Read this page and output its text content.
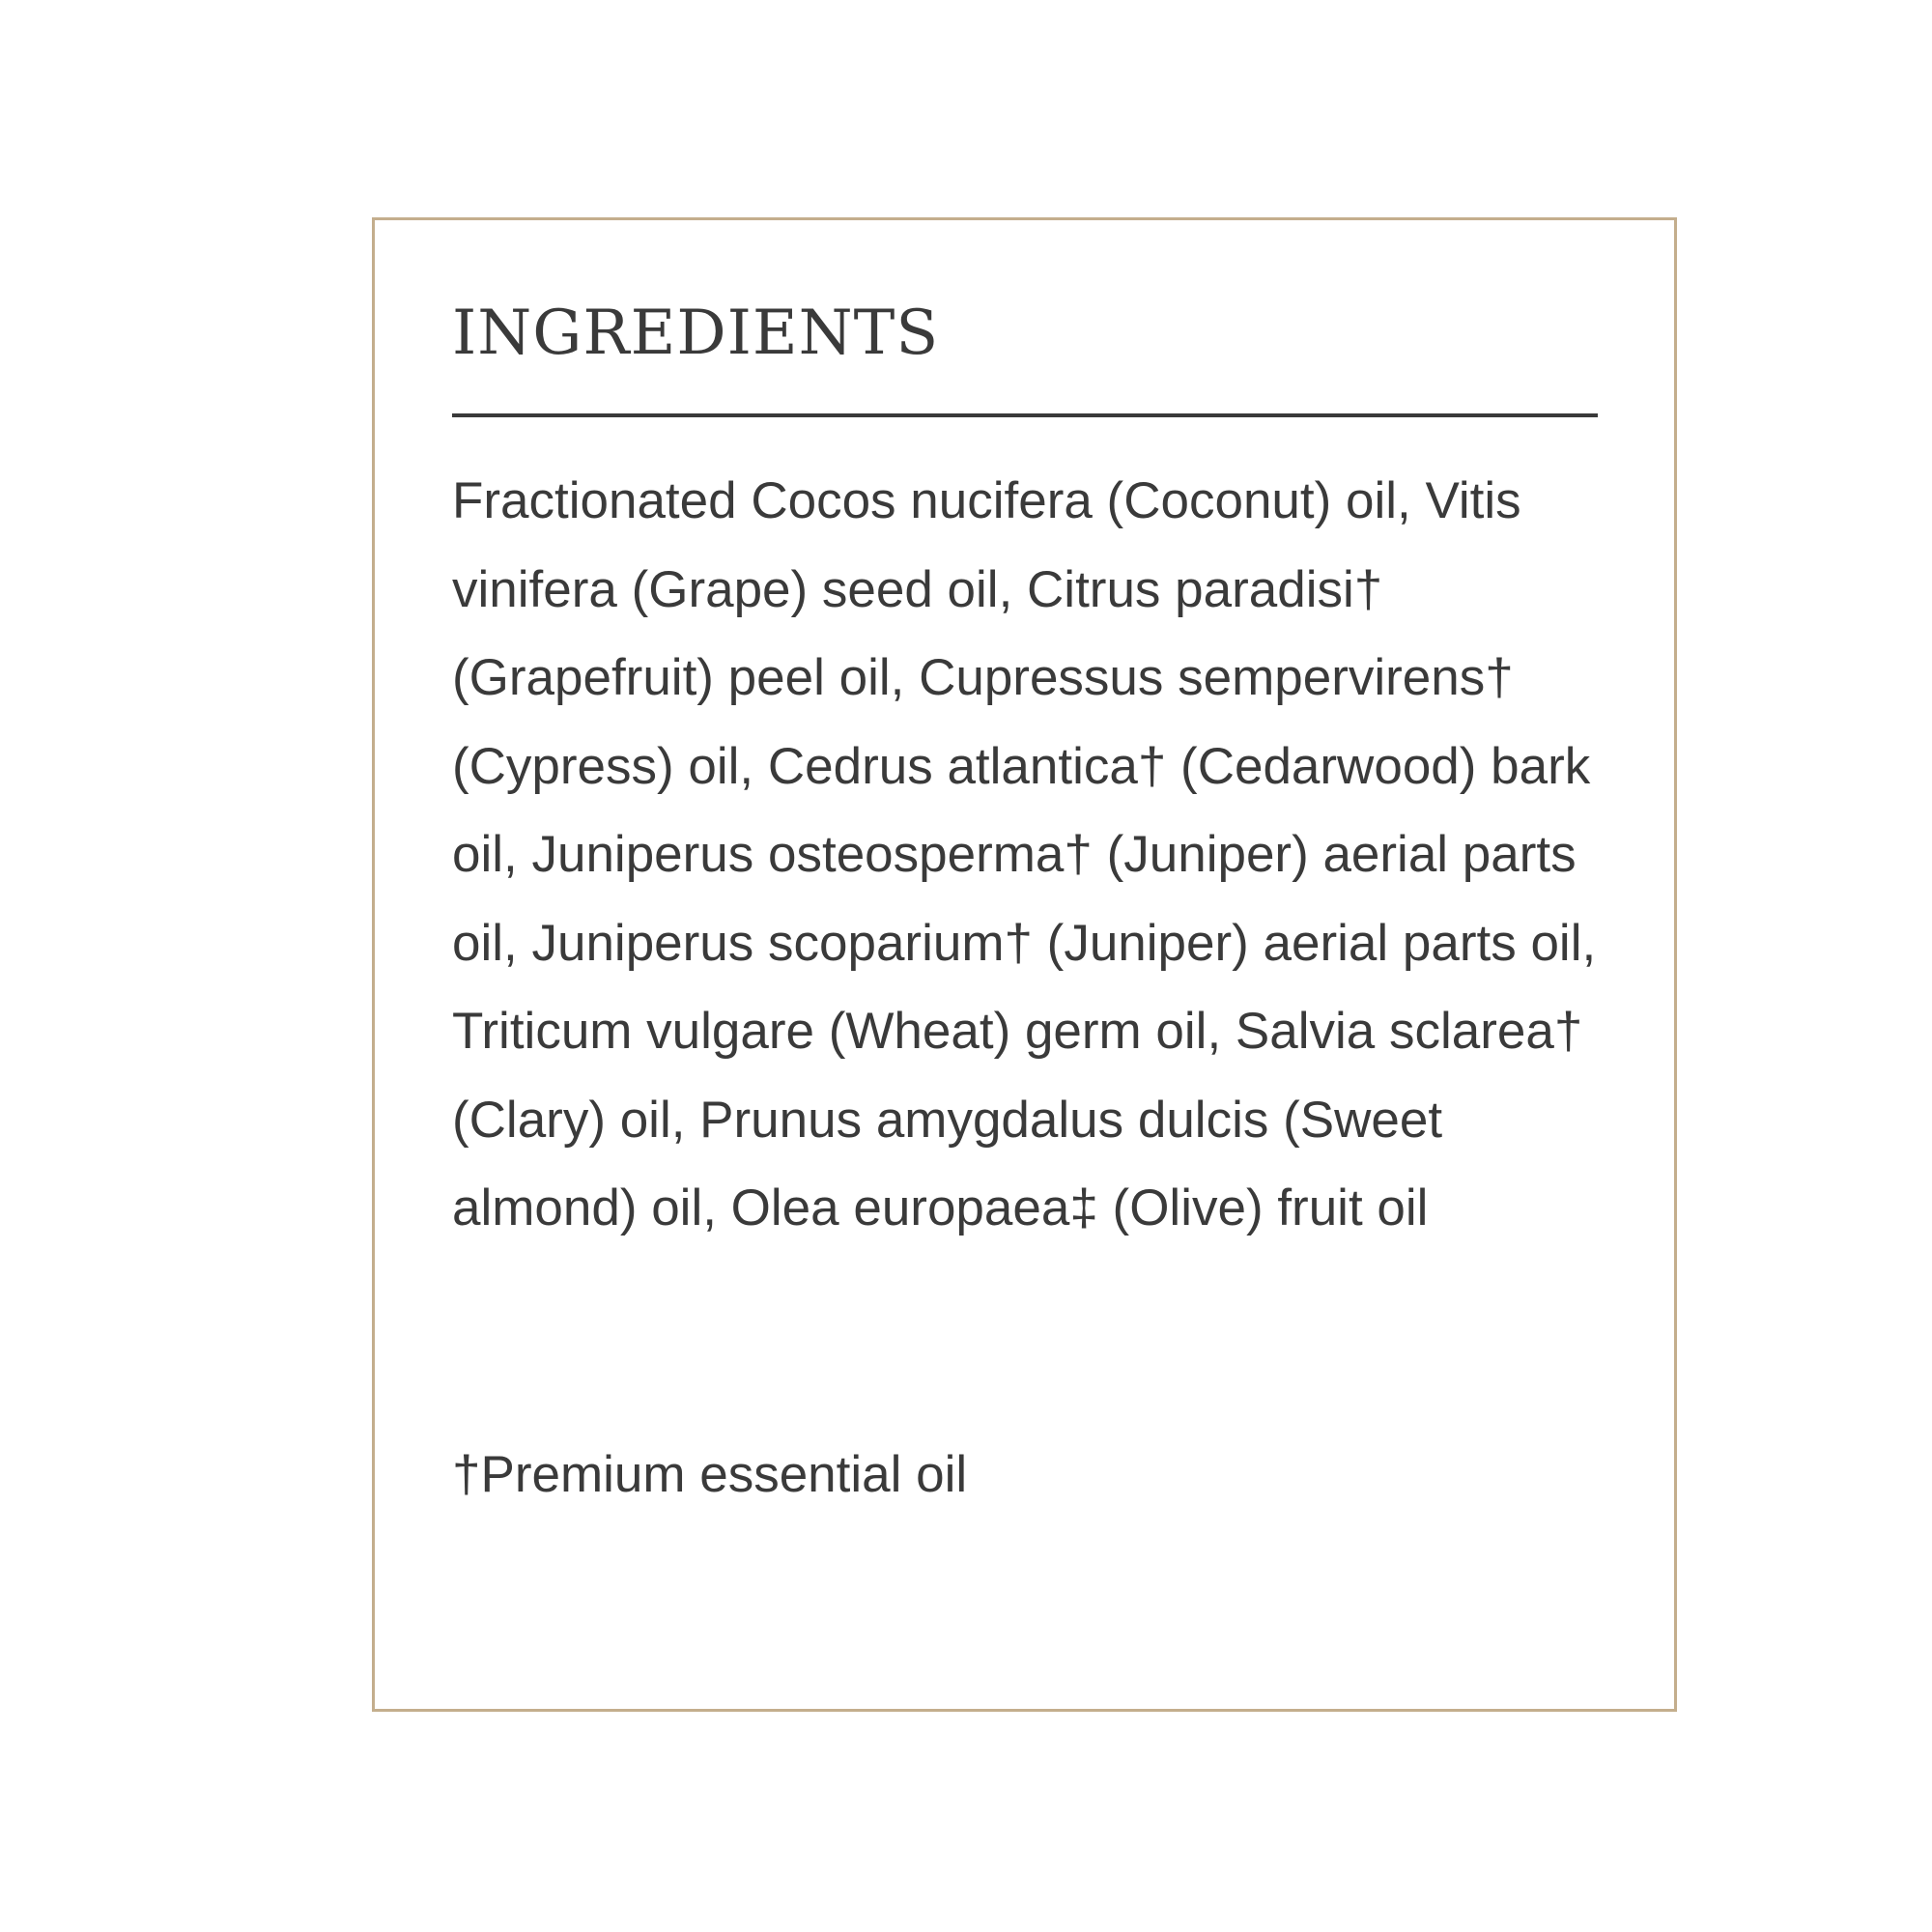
INGREDIENTS

Fractionated Cocos nucifera (Coconut) oil, Vitis vinifera (Grape) seed oil, Citrus paradisi† (Grapefruit) peel oil, Cupressus sempervirens† (Cypress) oil, Cedrus atlantica† (Cedarwood) bark oil, Juniperus osteosperma† (Juniper) aerial parts oil, Juniperus scoparium† (Juniper) aerial parts oil, Triticum vulgare (Wheat) germ oil, Salvia sclarea† (Clary) oil, Prunus amygdalus dulcis (Sweet almond) oil, Olea europaea‡ (Olive) fruit oil

†Premium essential oil
